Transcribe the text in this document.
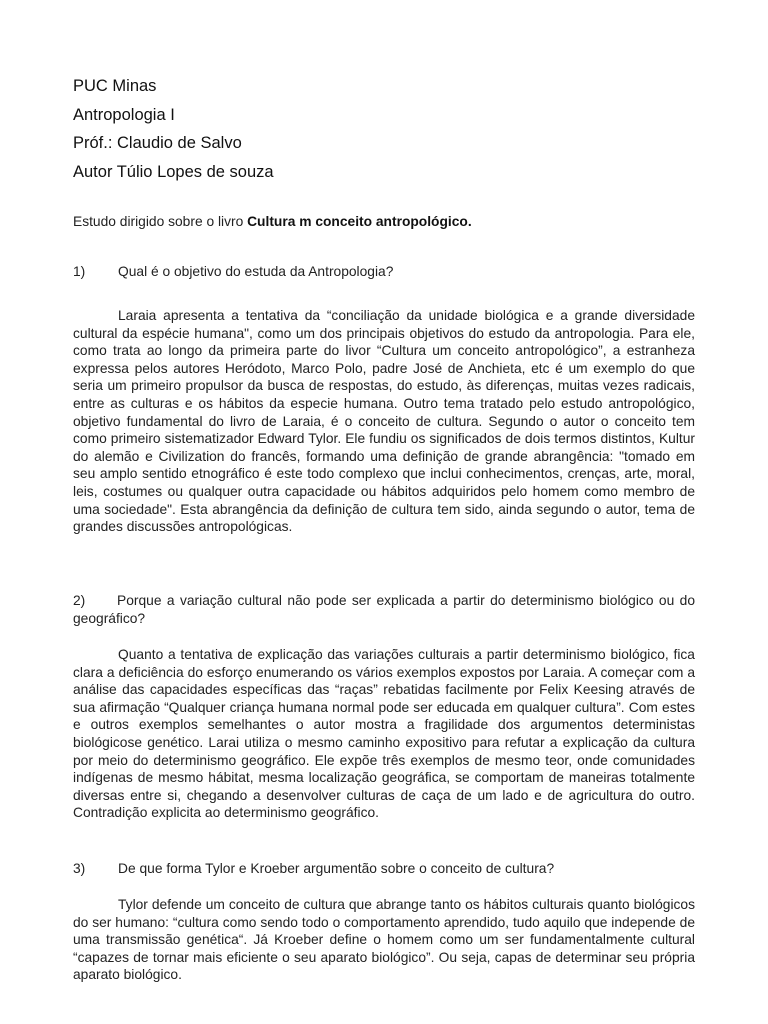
PUC Minas
Antropologia I
Próf.: Claudio de Salvo
Autor Túlio Lopes de souza
Estudo dirigido sobre o livro Cultura m conceito antropológico.
1) Qual é o objetivo do estuda da Antropologia?
Laraia apresenta a tentativa da “conciliação da unidade biológica e a grande diversidade cultural da espécie humana", como um dos principais objetivos do estudo da antropologia. Para ele, como trata ao longo da primeira parte do livor “Cultura um conceito antropológico”, a estranheza expressa pelos autores Heródoto, Marco Polo, padre José de Anchieta, etc é um exemplo do que seria um primeiro propulsor da busca de respostas, do estudo, às diferenças, muitas vezes radicais, entre as culturas e os hábitos da especie humana. Outro tema tratado pelo estudo antropológico, objetivo fundamental do livro de Laraia, é o conceito de cultura. Segundo o autor o conceito tem como primeiro sistematizador Edward Tylor. Ele fundiu os significados de dois termos distintos, Kultur do alemão e Civilization do francês, formando uma definição de grande abrangência: "tomado em seu amplo sentido etnográfico é este todo complexo que inclui conhecimentos, crenças, arte, moral, leis, costumes ou qualquer outra capacidade ou hábitos adquiridos pelo homem como membro de uma sociedade". Esta abrangência da definição de cultura tem sido, ainda segundo o autor, tema de grandes discussões antropológicas.
2) Porque a variação cultural não pode ser explicada a partir do determinismo biológico ou do geográfico?
Quanto a tentativa de explicação das variações culturais a partir determinismo biológico, fica clara a deficiência do esforço enumerando os vários exemplos expostos por Laraia. A começar com a análise das capacidades específicas das “raças” rebatidas facilmente por Felix Keesing através de sua afirmação “Qualquer criança humana normal pode ser educada em qualquer cultura”. Com estes e outros exemplos semelhantes o autor mostra a fragilidade dos argumentos deterministas biológicose genético. Larai utiliza o mesmo caminho expositivo para refutar a explicação da cultura por meio do determinismo geográfico. Ele expõe três exemplos de mesmo teor, onde comunidades indígenas de mesmo hábitat, mesma localização geográfica, se comportam de maneiras totalmente diversas entre si, chegando a desenvolver culturas de caça de um lado e de agricultura do outro. Contradição explicita ao determinismo geográfico.
3) De que forma Tylor e Kroeber argumentão sobre o conceito de cultura?
Tylor defende um conceito de cultura que abrange tanto os hábitos culturais quanto biológicos do ser humano: “cultura como sendo todo o comportamento aprendido, tudo aquilo que independe de uma transmissão genética“. Já Kroeber define o homem como um ser fundamentalmente cultural “capazes de tornar mais eficiente o seu aparato biológico”. Ou seja, capas de determinar seu própria aparato biológico.
